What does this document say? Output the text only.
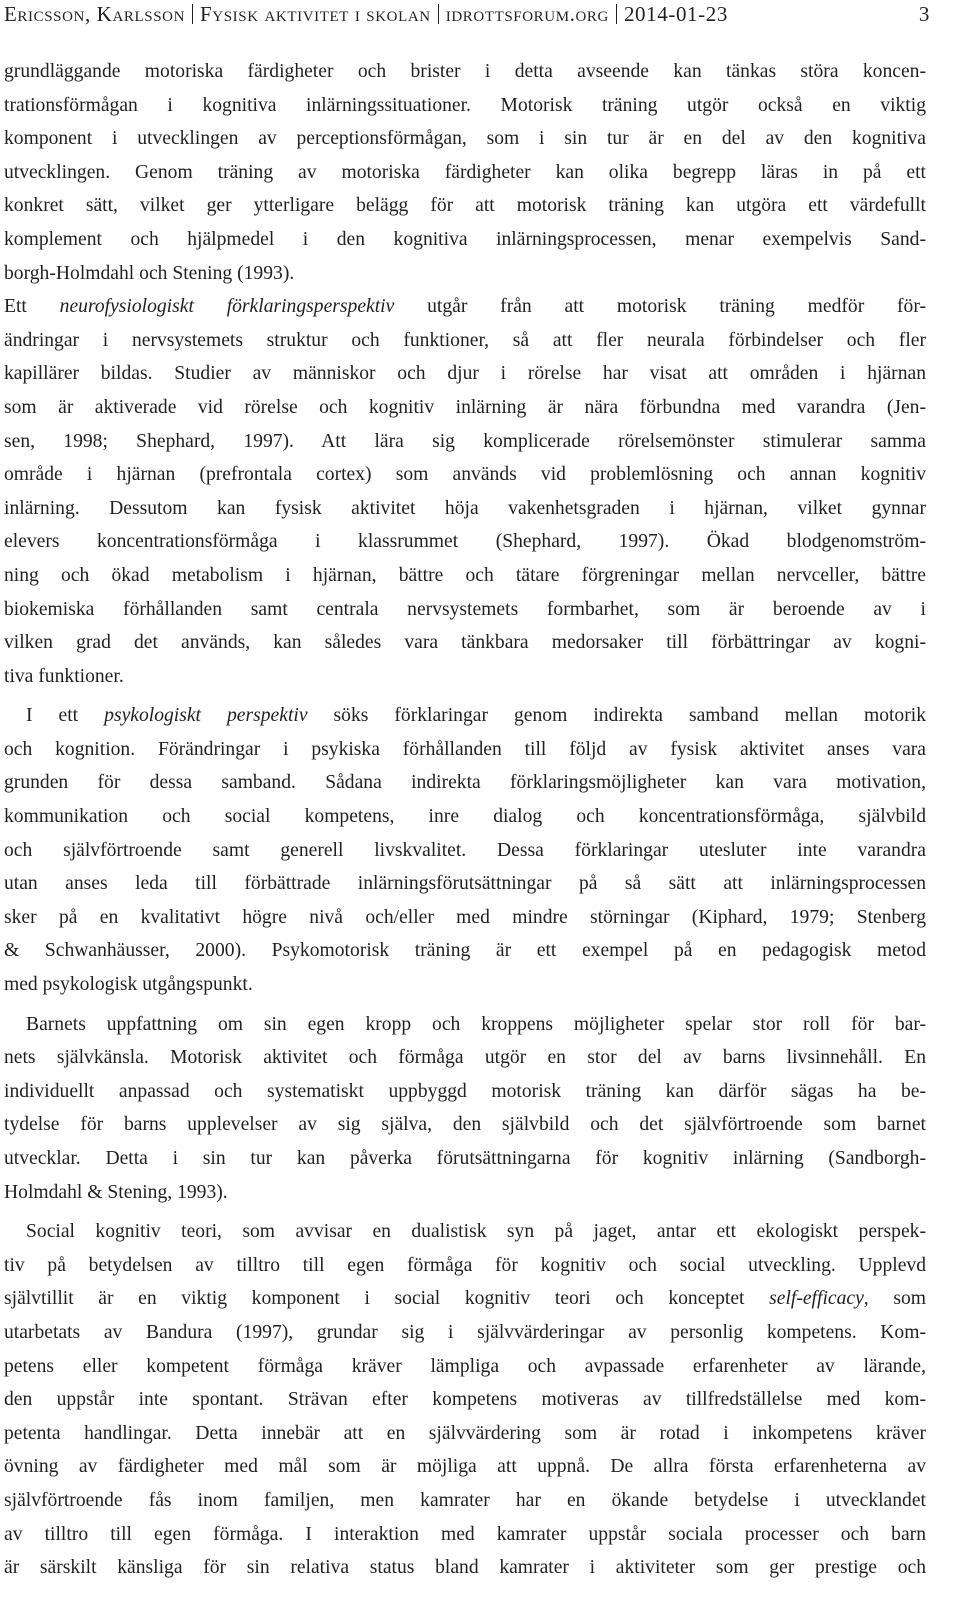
Ericsson, Karlsson Fysisk aktivitet i skolan idrottsforum.org 2014-01-23	3

grundläggande motoriska färdigheter och brister i detta avseende kan tänkas störa koncen-
trationsförmågan i kognitiva inlärningssituationer. Motorisk träning utgör också en viktig
komponent i utvecklingen av perceptionsförmågan, som i sin tur är en del av den kognitiva
utvecklingen. Genom träning av motoriska färdigheter kan olika begrepp läras in på ett
konkret sätt, vilket ger ytterligare belägg för att motorisk träning kan utgöra ett värdefullt
komplement och hjälpmedel i den kognitiva inlärningsprocessen, menar exempelvis Sand-
borgh-Holmdahl och Stening (1993).

Ett neurofysiologiskt förklaringsperspektiv utgår från att motorisk träning medför för-
ändringar i nervsystemets struktur och funktioner, så att fler neurala förbindelser och fler
kapillärer bildas. Studier av människor och djur i rörelse har visat att områden i hjärnan
som är aktiverade vid rörelse och kognitiv inlärning är nära förbundna med varandra (Jen-
sen, 1998; Shephard, 1997). Att lära sig komplicerade rörelsemönster stimulerar samma
område i hjärnan (prefrontala cortex) som används vid problemlösning och annan kognitiv
inlärning. Dessutom kan fysisk aktivitet höja vakenhetsgraden i hjärnan, vilket gynnar
elevers koncentrationsförmåga i klassrummet (Shephard, 1997). Ökad blodgenomström-
ning och ökad metabolism i hjärnan, bättre och tätare förgreningar mellan nervceller, bättre
biokemiska förhållanden samt centrala nervsystemets formbarhet, som är beroende av i
vilken grad det används, kan således vara tänkbara medorsaker till förbättringar av kogni-
tiva funktioner.

I ett psykologiskt perspektiv söks förklaringar genom indirekta samband mellan motorik
och kognition. Förändringar i psykiska förhållanden till följd av fysisk aktivitet anses vara
grunden för dessa samband. Sådana indirekta förklaringsmöjligheter kan vara motivation,
kommunikation och social kompetens, inre dialog och koncentrationsförmåga, självbild
och självförtroende samt generell livskvalitet. Dessa förklaringar utesluter inte varandra
utan anses leda till förbättrade inlärningsförutsättningar på så sätt att inlärningsprocessen
sker på en kvalitativt högre nivå och/eller med mindre störningar (Kiphard, 1979; Stenberg
& Schwanhäusser, 2000). Psykomotorisk träning är ett exempel på en pedagogisk metod
med psykologisk utgångspunkt.

Barnets uppfattning om sin egen kropp och kroppens möjligheter spelar stor roll för bar-
nets självkänsla. Motorisk aktivitet och förmåga utgör en stor del av barns livsinnehåll. En
individuellt anpassad och systematiskt uppbyggd motorisk träning kan därför sägas ha be-
tydelse för barns upplevelser av sig själva, den självbild och det självförtroende som barnet
utvecklar. Detta i sin tur kan påverka förutsättningarna för kognitiv inlärning (Sandborgh-
Holmdahl & Stening, 1993).

Social kognitiv teori, som avvisar en dualistisk syn på jaget, antar ett ekologiskt perspek-
tiv på betydelsen av tilltro till egen förmåga för kognitiv och social utveckling. Upplevd
självtillit är en viktig komponent i social kognitiv teori och konceptet self-efficacy, som
utarbetats av Bandura (1997), grundar sig i självvärderingar av personlig kompetens. Kom-
petens eller kompetent förmåga kräver lämpliga och avpassade erfarenheter av lärande,
den uppstår inte spontant. Strävan efter kompetens motiveras av tillfredställelse med kom-
petenta handlingar. Detta innebär att en självvärdering som är rotad i inkompetens kräver
övning av färdigheter med mål som är möjliga att uppnå. De allra första erfarenheterna av
självförtroende fås inom familjen, men kamrater har en ökande betydelse i utvecklandet
av tilltro till egen förmåga. I interaktion med kamrater uppstår sociala processer och barn
är särskilt känsliga för sin relativa status bland kamrater i aktiviteter som ger prestige och
